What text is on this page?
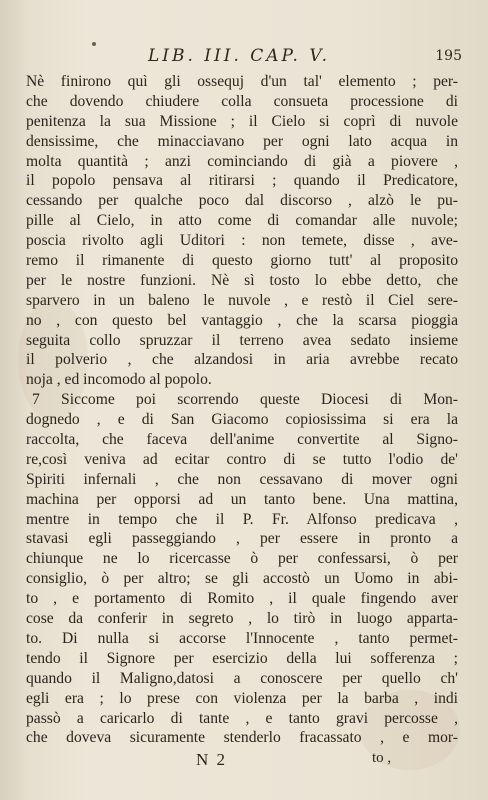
LIB. III. CAP. V.	195
Nè finirono quì gli ossequj d'un tal' elemento ; per-
che dovendo chiudere colla consueta processione di
penitenza la sua Missione ; il Cielo si coprì di nuvole
densissime, che minacciavano per ogni lato acqua in
molta quantità ; anzi cominciando di già a piovere ,
il popolo pensava al ritirarsi ; quando il Predicatore,
cessando per qualche poco dal discorso , alzò le pu-
pille al Cielo, in atto come di comandar alle nuvole;
poscia rivolto agli Uditori : non temete, disse , ave-
remo il rimanente di questo giorno tutt' al proposito
per le nostre funzioni. Nè sì tosto lo ebbe detto, che
sparvero in un baleno le nuvole , e restò il Ciel sere-
no , con questo bel vantaggio , che la scarsa pioggia
seguita collo spruzzar il terreno avea sedato insieme
il polverio , che alzandosi in aria avrebbe recato
noja , ed incomodo al popolo.
7 Siccome poi scorrendo queste Diocesi di Mon-
dognedo , e di San Giacomo copiosissima si era la
raccolta, che faceva dell'anime convertite al Signo-
re,così veniva ad ecitar contro di se tutto l'odio de'
Spiriti infernali , che non cessavano di mover ogni
machina per opporsi ad un tanto bene. Una mattina,
mentre in tempo che il P. Fr. Alfonso predicava ,
stavasi egli passeggiando , per essere in pronto a
chiunque ne lo ricercasse ò per confessarsi, ò per
consiglio, ò per altro; se gli accostò un Uomo in abi-
to , e portamento di Romito , il quale fingendo aver
cose da conferir in segreto , lo tirò in luogo apparta-
to. Di nulla si accorse l'Innocente , tanto permet-
tendo il Signore per esercizio della lui sofferenza ;
quando il Maligno,datosi a conoscere per quello ch'
egli era ; lo prese con violenza per la barba , indi
passò a caricarlo di tante , e tanto gravi percosse ,
che doveva sicuramente stenderlo fracassato , e mor-
N 2	to ,
